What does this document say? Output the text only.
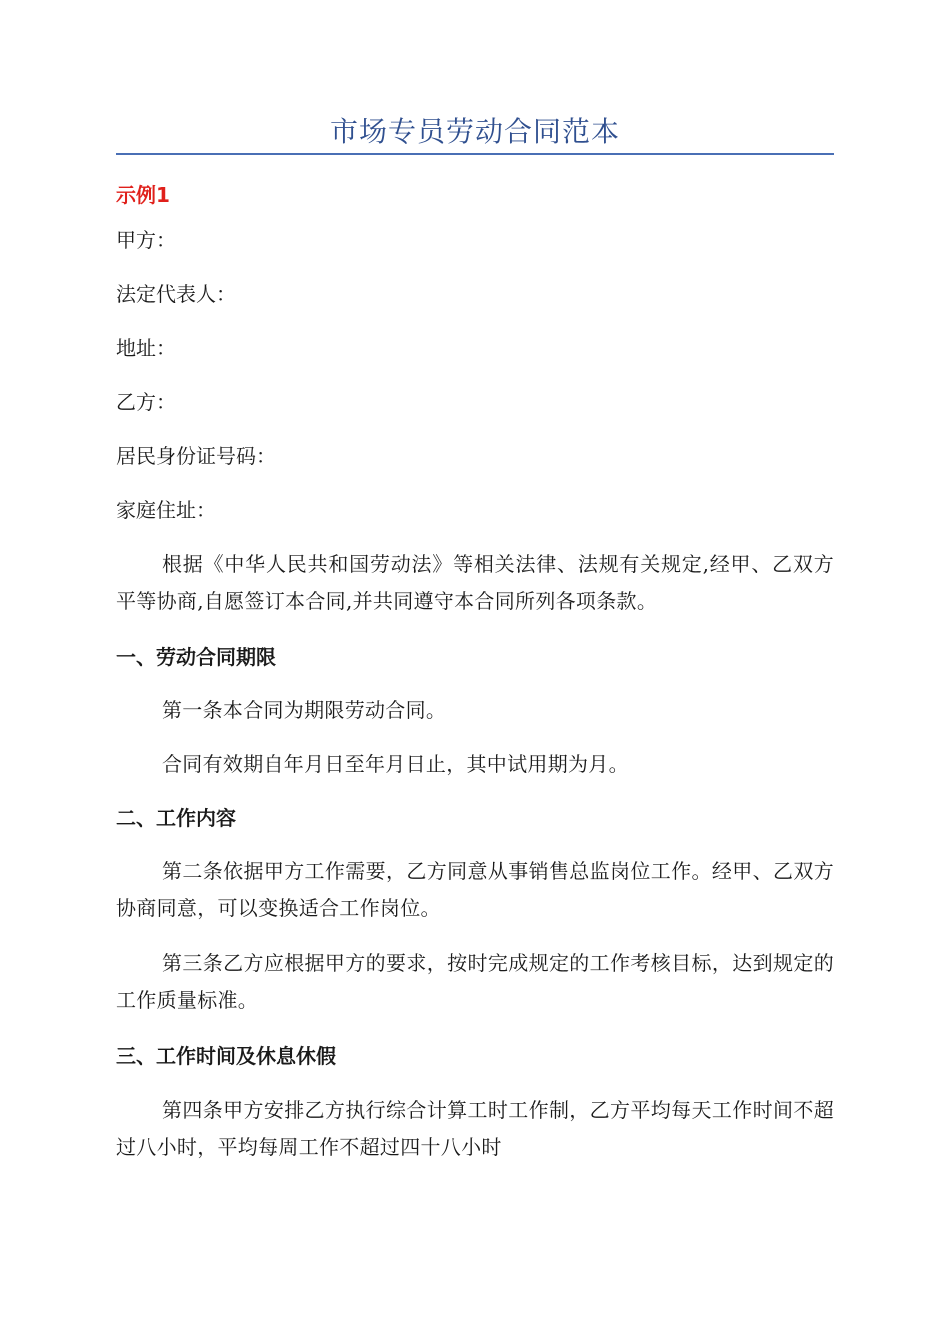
市场专员劳动合同范本
示例1
甲方：
法定代表人：
地址：
乙方：
居民身份证号码：
家庭住址：
根据《中华人民共和国劳动法》等相关法律、法规有关规定,经甲、乙双方平等协商,自愿签订本合同,并共同遵守本合同所列各项条款。
一、劳动合同期限
第一条本合同为期限劳动合同。
合同有效期自年月日至年月日止，其中试用期为月。
二、工作内容
第二条依据甲方工作需要，乙方同意从事销售总监岗位工作。经甲、乙双方协商同意，可以变换适合工作岗位。
第三条乙方应根据甲方的要求，按时完成规定的工作考核目标，达到规定的工作质量标准。
三、工作时间及休息休假
第四条甲方安排乙方执行综合计算工时工作制，乙方平均每天工作时间不超过八小时，平均每周工作不超过四十八小时
